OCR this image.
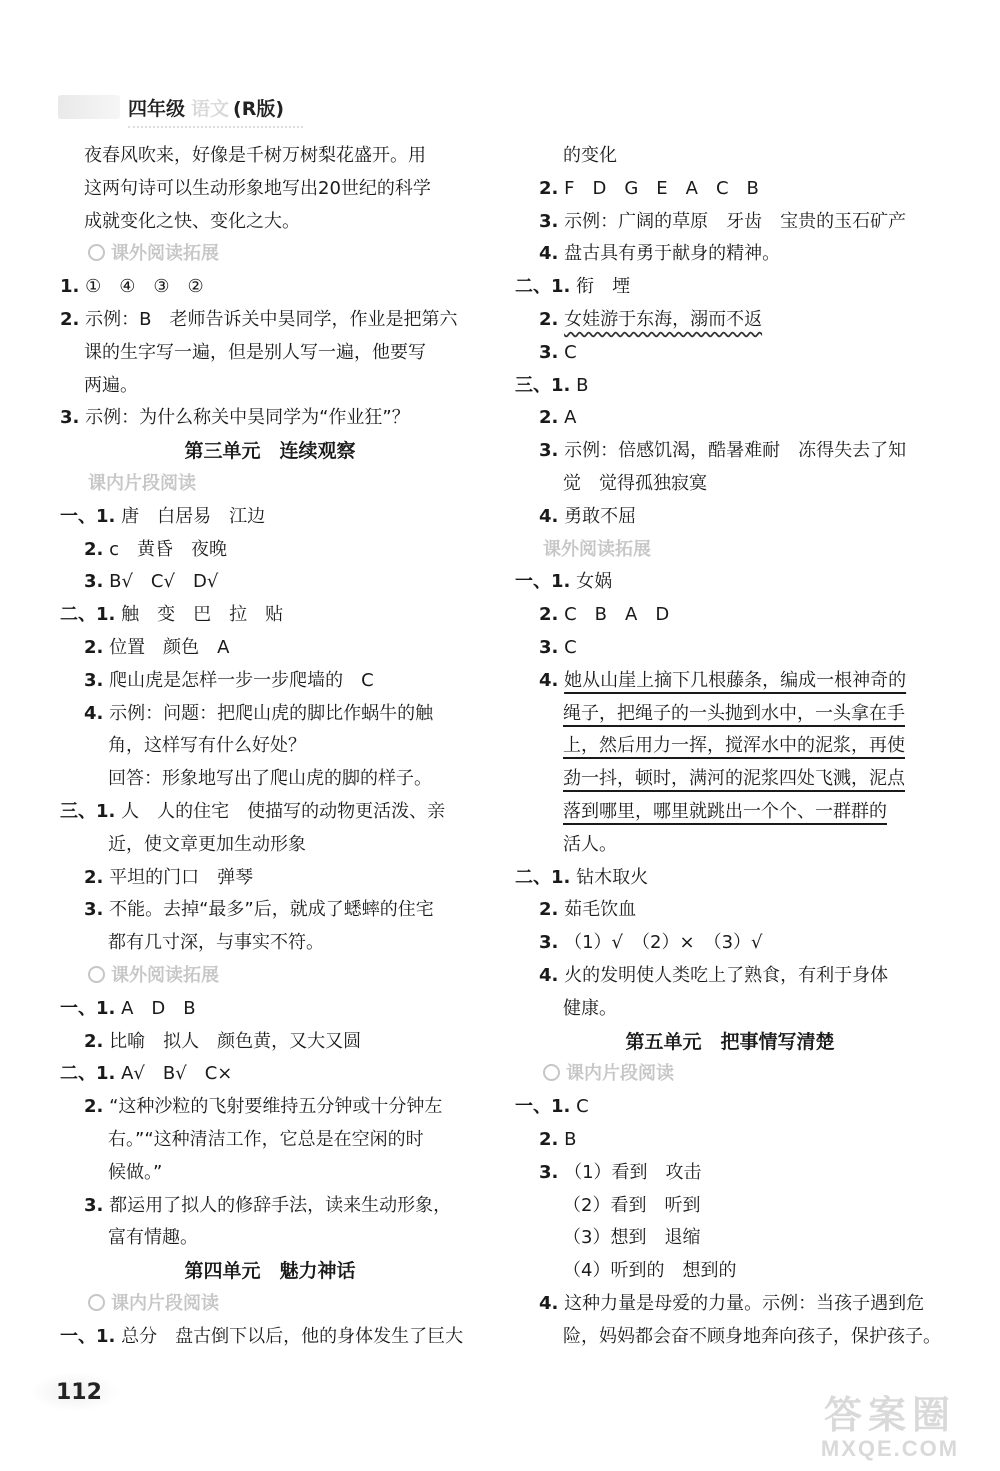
四年级 语文 (R版)
夜春风吹来，好像是千树万树梨花盛开。用
这两句诗可以生动形象地写出20世纪的科学
成就变化之快、变化之大。
课外阅读拓展
1. ①　④　③　②
2. 示例：B　老师告诉关中昊同学，作业是把第六
课的生字写一遍，但是别人写一遍，他要写
两遍。
3. 示例：为什么称关中昊同学为“作业狂”？
第三单元　连续观察
课内片段阅读
一、1. 唐　白居易　江边
2. c　黄昏　夜晚
3. B√　C√　D√
二、1. 触　变　巴　拉　贴
2. 位置　颜色　A
3. 爬山虎是怎样一步一步爬墙的　C
4. 示例：问题：把爬山虎的脚比作蜗牛的触
角，这样写有什么好处？
回答：形象地写出了爬山虎的脚的样子。
三、1. 人　人的住宅　使描写的动物更活泼、亲
近，使文章更加生动形象
2. 平坦的门口　弹琴
3. 不能。去掉“最多”后，就成了蟋蟀的住宅
都有几寸深，与事实不符。
课外阅读拓展
一、1. A　D　B
2. 比喻　拟人　颜色黄，又大又圆
二、1. A√　B√　C×
2. “这种沙粒的飞射要维持五分钟或十分钟左
右。”“这种清洁工作，它总是在空闲的时
候做。”
3. 都运用了拟人的修辞手法，读来生动形象，
富有情趣。
第四单元　魅力神话
课内片段阅读
一、1. 总分　盘古倒下以后，他的身体发生了巨大
的变化
2. F　D　G　E　A　C　B
3. 示例：广阔的草原　牙齿　宝贵的玉石矿产
4. 盘古具有勇于献身的精神。
二、1. 衔　堙
2. 女娃游于东海，溺而不返
3. C
三、1. B
2. A
3. 示例：倍感饥渴，酷暑难耐　冻得失去了知
觉　觉得孤独寂寞
4. 勇敢不屈
课外阅读拓展
一、1. 女娲
2. C　B　A　D
3. C
4. 她从山崖上摘下几根藤条，编成一根神奇的
绳子，把绳子的一头抛到水中，一头拿在手
上，然后用力一挥，搅浑水中的泥浆，再使
劲一抖，顿时，满河的泥浆四处飞溅，泥点
落到哪里，哪里就跳出一个个、一群群的
活人。
二、1. 钻木取火
2. 茹毛饮血
3. （1）√　（2）×　（3）√
4. 火的发明使人类吃上了熟食，有利于身体
健康。
第五单元　把事情写清楚
课内片段阅读
一、1. C
2. B
3. （1）看到　攻击
（2）看到　听到
（3）想到　退缩
（4）听到的　想到的
4. 这种力量是母爱的力量。示例：当孩子遇到危
险，妈妈都会奋不顾身地奔向孩子，保护孩子。
112
答案圈
MXQE.COM
